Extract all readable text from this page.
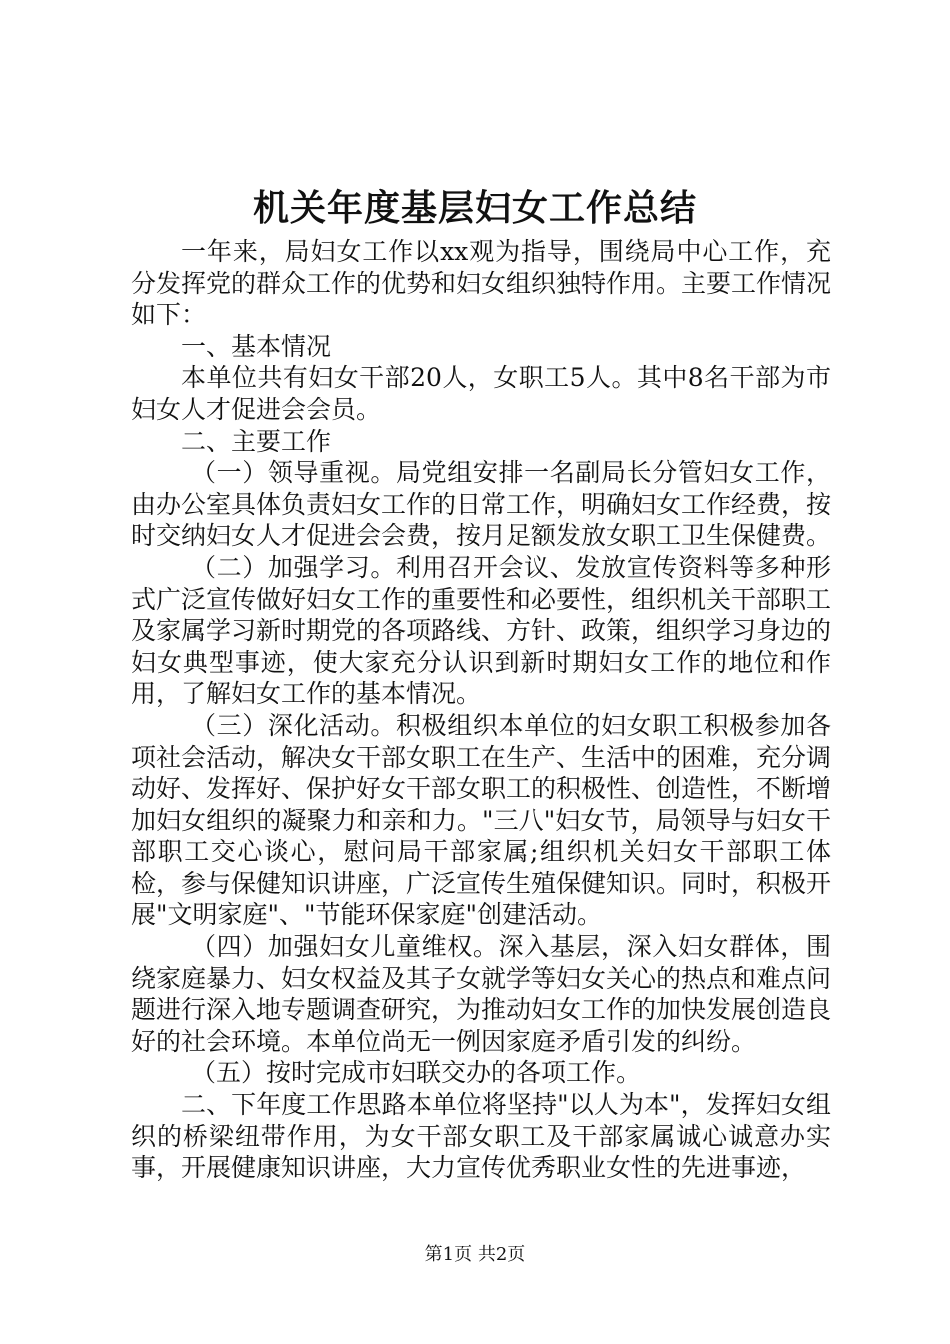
机关年度基层妇女工作总结

一年来，局妇女工作以xx观为指导，围绕局中心工作，充分发挥党的群众工作的优势和妇女组织独特作用。主要工作情况如下：

一、基本情况

本单位共有妇女干部20人，女职工5人。其中8名干部为市妇女人才促进会会员。

二、主要工作

（一）领导重视。局党组安排一名副局长分管妇女工作，由办公室具体负责妇女工作的日常工作，明确妇女工作经费，按时交纳妇女人才促进会会费，按月足额发放女职工卫生保健费。

（二）加强学习。利用召开会议、发放宣传资料等多种形式广泛宣传做好妇女工作的重要性和必要性，组织机关干部职工及家属学习新时期党的各项路线、方针、政策，组织学习身边的妇女典型事迹，使大家充分认识到新时期妇女工作的地位和作用，了解妇女工作的基本情况。

（三）深化活动。积极组织本单位的妇女职工积极参加各项社会活动，解决女干部女职工在生产、生活中的困难，充分调动好、发挥好、保护好女干部女职工的积极性、创造性，不断增加妇女组织的凝聚力和亲和力。"三八"妇女节，局领导与妇女干部职工交心谈心，慰问局干部家属;组织机关妇女干部职工体检，参与保健知识讲座，广泛宣传生殖保健知识。同时，积极开展"文明家庭"、"节能环保家庭"创建活动。

（四）加强妇女儿童维权。深入基层，深入妇女群体，围绕家庭暴力、妇女权益及其子女就学等妇女关心的热点和难点问题进行深入地专题调查研究，为推动妇女工作的加快发展创造良好的社会环境。本单位尚无一例因家庭矛盾引发的纠纷。

（五）按时完成市妇联交办的各项工作。

二、下年度工作思路本单位将坚持"以人为本"，发挥妇女组织的桥梁纽带作用，为女干部女职工及干部家属诚心诚意办实事，开展健康知识讲座，大力宣传优秀职业女性的先进事迹，

第1页 共2页
